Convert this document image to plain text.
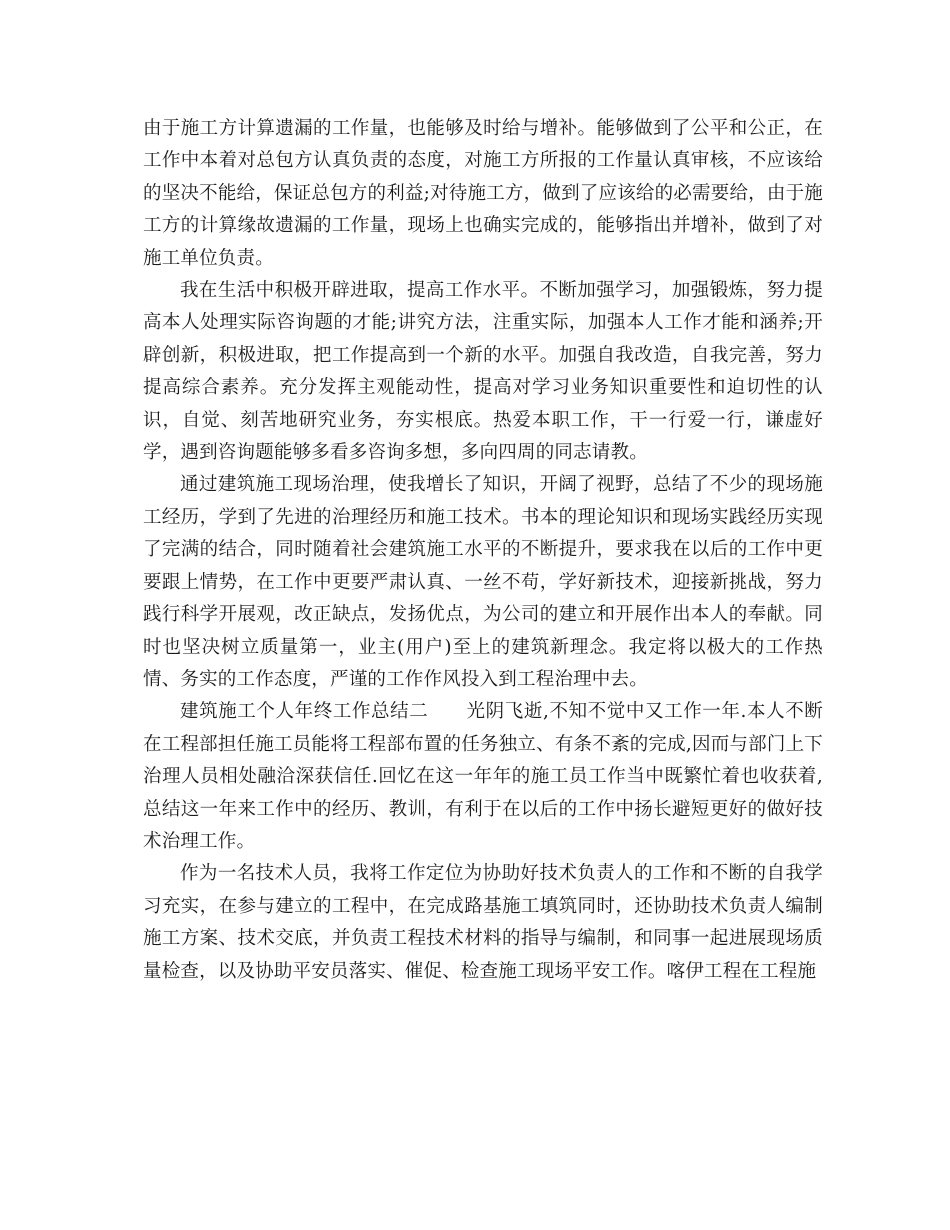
由于施工方计算遗漏的工作量，也能够及时给与增补。能够做到了公平和公正，在工作中本着对总包方认真负责的态度，对施工方所报的工作量认真审核，不应该给的坚决不能给，保证总包方的利益;对待施工方，做到了应该给的必需要给，由于施工方的计算缘故遗漏的工作量，现场上也确实完成的，能够指出并增补，做到了对施工单位负责。

我在生活中积极开辟进取，提高工作水平。不断加强学习，加强锻炼，努力提高本人处理实际咨询题的才能;讲究方法，注重实际，加强本人工作才能和涵养;开辟创新，积极进取，把工作提高到一个新的水平。加强自我改造，自我完善，努力提高综合素养。充分发挥主观能动性，提高对学习业务知识重要性和迫切性的认识，自觉、刻苦地研究业务，夯实根底。热爱本职工作，干一行爱一行，谦虚好学，遇到咨询题能够多看多咨询多想，多向四周的同志请教。

通过建筑施工现场治理，使我增长了知识，开阔了视野，总结了不少的现场施工经历，学到了先进的治理经历和施工技术。书本的理论知识和现场实践经历实现了完满的结合，同时随着社会建筑施工水平的不断提升，要求我在以后的工作中更要跟上情势，在工作中更要严肃认真、一丝不苟，学好新技术，迎接新挑战，努力践行科学开展观，改正缺点，发扬优点，为公司的建立和开展作出本人的奉献。同时也坚决树立质量第一，业主(用户)至上的建筑新理念。我定将以极大的工作热情、务实的工作态度，严谨的工作作风投入到工程治理中去。

建筑施工个人年终工作总结二　　光阴飞逝,不知不觉中又工作一年.本人不断在工程部担任施工员能将工程部布置的任务独立、有条不紊的完成,因而与部门上下治理人员相处融洽深获信任.回忆在这一年年的施工员工作当中既繁忙着也收获着,总结这一年来工作中的经历、教训，有利于在以后的工作中扬长避短更好的做好技术治理工作。

作为一名技术人员，我将工作定位为协助好技术负责人的工作和不断的自我学习充实，在参与建立的工程中，在完成路基施工填筑同时，还协助技术负责人编制施工方案、技术交底，并负责工程技术材料的指导与编制，和同事一起进展现场质量检查，以及协助平安员落实、催促、检查施工现场平安工作。喀伊工程在工程施
